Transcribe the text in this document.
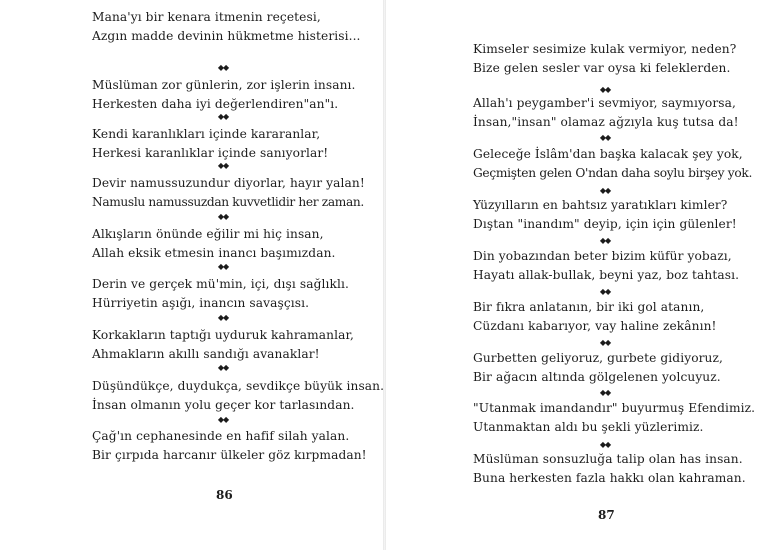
Mana'yı bir kenara itmenin reçetesi,
Azgın madde devinin hükmetme histerisi...
◆◆
Müslüman zor günlerin, zor işlerin insanı.
Herkesten daha iyi değerlendiren"an"ı.
◆◆
Kendi karanlıkları içinde kararanlar,
Herkesi karanlıklar içinde sanıyorlar!
◆◆
Devir namussuzundur diyorlar, hayır yalan!
Namuslu namussuzdan kuvvetlidir her zaman.
◆◆
Alkışların önünde eğilir mi hiç insan,
Allah eksik etmesin inancı başımızdan.
◆◆
Derin ve gerçek mü'min, içi, dışı sağlıklı.
Hürriyetin aşığı, inancın savaşçısı.
◆◆
Korkakların taptığı uyduruk kahramanlar,
Ahmakların akıllı sandığı avanaklar!
◆◆
Düşündükçe, duydukça, sevdikçe büyük insan.
İnsan olmanın yolu geçer kor tarlasından.
◆◆
Çağ'ın cephanesinde en hafif silah yalan.
Bir çırpıda harcanır ülkeler göz kırpmadan!
86
Kimseler sesimize kulak vermiyor, neden?
Bize gelen sesler var oysa ki feleklerden.
◆◆
Allah'ı peygamber'i sevmiyor, saymıyorsa,
İnsan,"insan" olamaz ağzıyla kuş tutsa da!
◆◆
Geleceğe İslâm'dan başka kalacak şey yok,
Geçmişten gelen O'ndan daha soylu birşey yok.
◆◆
Yüzyılların en bahtsız yaratıkları kimler?
Dıştan "inandım" deyip, için için gülenler!
◆◆
Din yobazından beter bizim küfür yobazı,
Hayatı allak-bullak, beyni yaz, boz tahtası.
◆◆
Bir fıkra anlatanın, bir iki gol atanın,
Cüzdanı kabarıyor, vay haline zekânın!
◆◆
Gurbetten geliyoruz, gurbete gidiyoruz,
Bir ağacın altında gölgelenen yolcuyuz.
◆◆
"Utanmak imandandır" buyurmuş Efendimiz.
Utanmaktan aldı bu şekli yüzlerimiz.
◆◆
Müslüman sonsuzluğa talip olan has insan.
Buna herkesten fazla hakkı olan kahraman.
87
